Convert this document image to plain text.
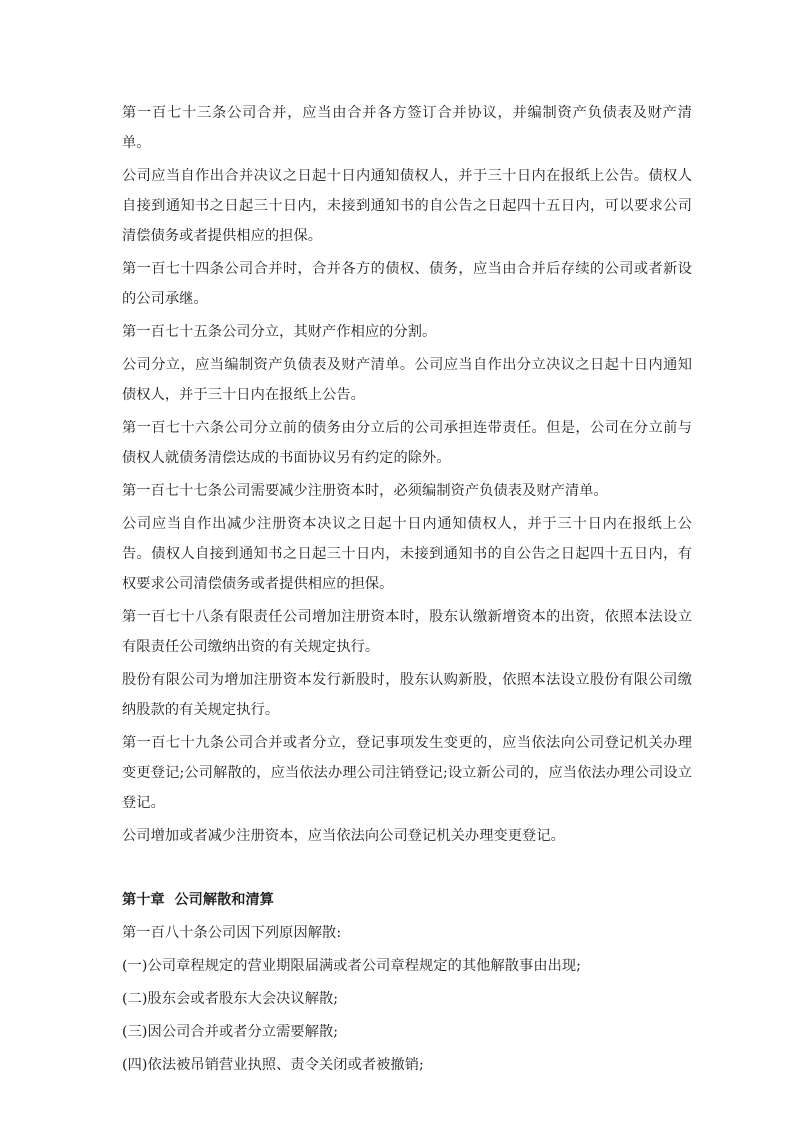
第一百七十三条公司合并，应当由合并各方签订合并协议，并编制资产负债表及财产清单。

公司应当自作出合并决议之日起十日内通知债权人，并于三十日内在报纸上公告。债权人自接到通知书之日起三十日内，未接到通知书的自公告之日起四十五日内，可以要求公司清偿债务或者提供相应的担保。

第一百七十四条公司合并时，合并各方的债权、债务，应当由合并后存续的公司或者新设的公司承继。

第一百七十五条公司分立，其财产作相应的分割。

公司分立，应当编制资产负债表及财产清单。公司应当自作出分立决议之日起十日内通知债权人，并于三十日内在报纸上公告。

第一百七十六条公司分立前的债务由分立后的公司承担连带责任。但是，公司在分立前与债权人就债务清偿达成的书面协议另有约定的除外。

第一百七十七条公司需要减少注册资本时，必须编制资产负债表及财产清单。

公司应当自作出减少注册资本决议之日起十日内通知债权人，并于三十日内在报纸上公告。债权人自接到通知书之日起三十日内，未接到通知书的自公告之日起四十五日内，有权要求公司清偿债务或者提供相应的担保。

第一百七十八条有限责任公司增加注册资本时，股东认缴新增资本的出资，依照本法设立有限责任公司缴纳出资的有关规定执行。

股份有限公司为增加注册资本发行新股时，股东认购新股，依照本法设立股份有限公司缴纳股款的有关规定执行。

第一百七十九条公司合并或者分立，登记事项发生变更的，应当依法向公司登记机关办理变更登记;公司解散的，应当依法办理公司注销登记;设立新公司的，应当依法办理公司设立登记。

公司增加或者减少注册资本，应当依法向公司登记机关办理变更登记。

第十章  公司解散和清算

第一百八十条公司因下列原因解散:

(一)公司章程规定的营业期限届满或者公司章程规定的其他解散事由出现;

(二)股东会或者股东大会决议解散;

(三)因公司合并或者分立需要解散;

(四)依法被吊销营业执照、责令关闭或者被撤销;
